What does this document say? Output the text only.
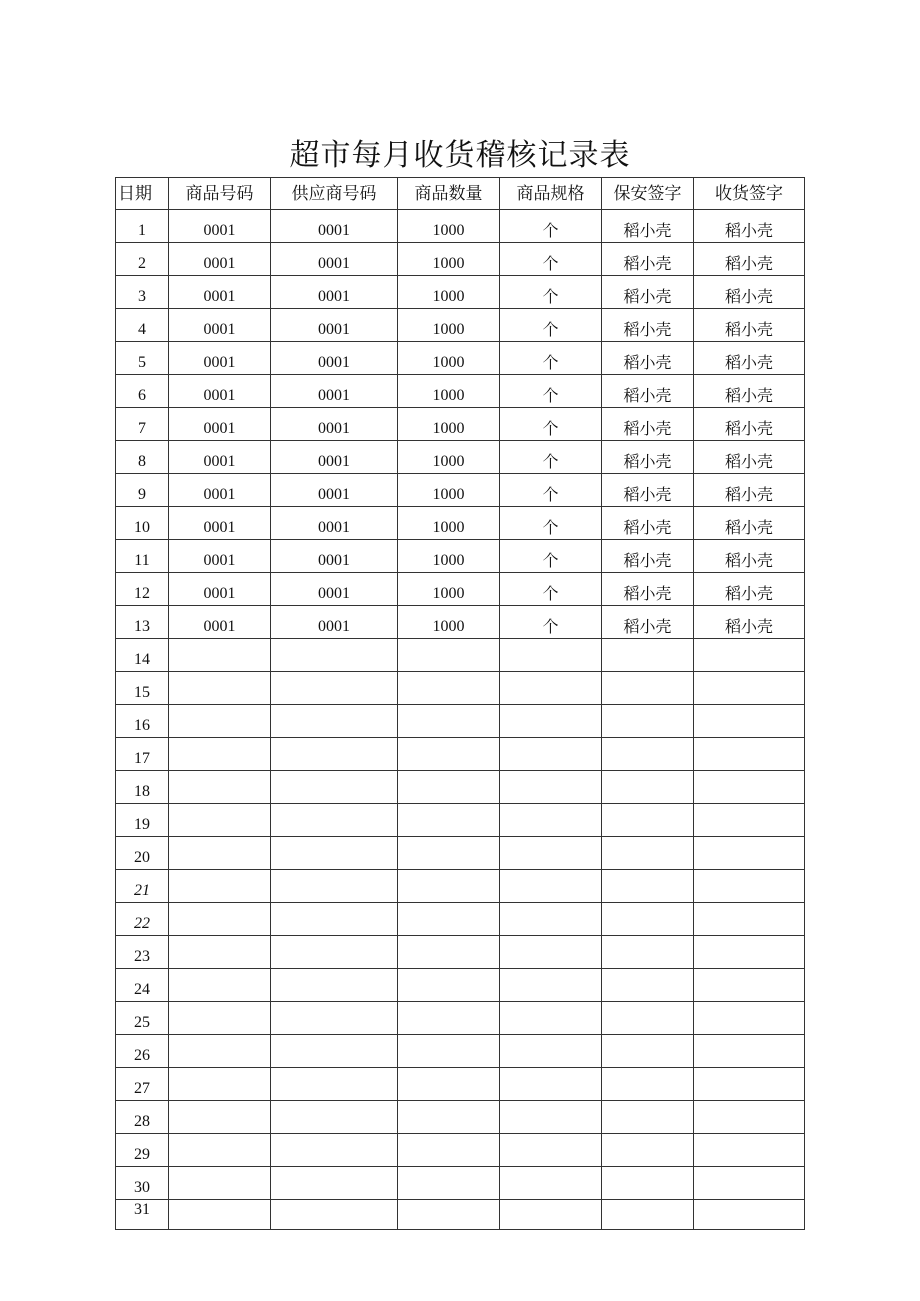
超市每月收货稽核记录表
日期	商品号码	供应商号码	商品数量	商品规格	保安签字	收货签字
1	0001	0001	1000	个	稻小壳	稻小壳
2	0001	0001	1000	个	稻小壳	稻小壳
3	0001	0001	1000	个	稻小壳	稻小壳
4	0001	0001	1000	个	稻小壳	稻小壳
5	0001	0001	1000	个	稻小壳	稻小壳
6	0001	0001	1000	个	稻小壳	稻小壳
7	0001	0001	1000	个	稻小壳	稻小壳
8	0001	0001	1000	个	稻小壳	稻小壳
9	0001	0001	1000	个	稻小壳	稻小壳
10	0001	0001	1000	个	稻小壳	稻小壳
11	0001	0001	1000	个	稻小壳	稻小壳
12	0001	0001	1000	个	稻小壳	稻小壳
13	0001	0001	1000	个	稻小壳	稻小壳
14						
15						
16						
17						
18						
19						
20						
21						
22						
23						
24						
25						
26						
27						
28						
29						
30						
31						
